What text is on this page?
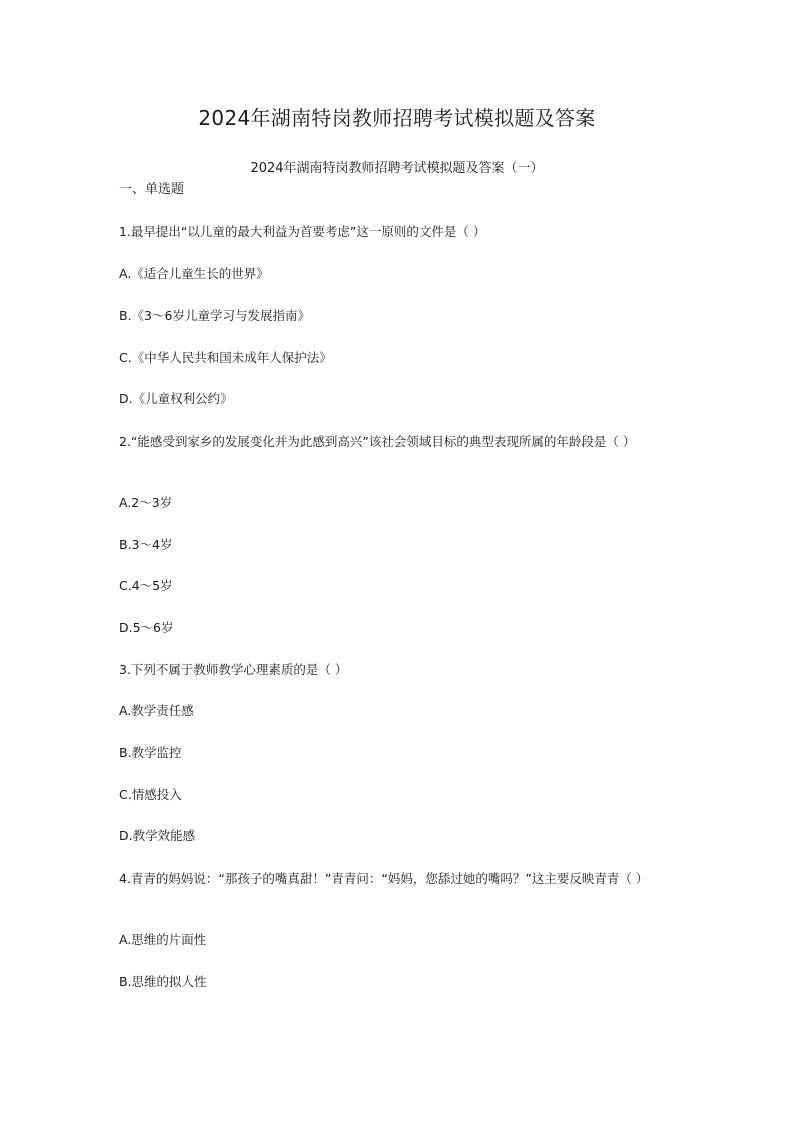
2024年湖南特岗教师招聘考试模拟题及答案
2024年湖南特岗教师招聘考试模拟题及答案（一）
一、单选题
1.最早提出“以儿童的最大利益为首要考虑”这一原则的文件是（ ）
A.《适合儿童生长的世界》
B.《3～6岁儿童学习与发展指南》
C.《中华人民共和国未成年人保护法》
D.《儿童权利公约》
2.“能感受到家乡的发展变化并为此感到高兴”该社会领域目标的典型表现所属的年龄段是（ ）
A.2～3岁
B.3～4岁
C.4～5岁
D.5～6岁
3.下列不属于教师教学心理素质的是（ ）
A.教学责任感
B.教学监控
C.情感投入
D.教学效能感
4.青青的妈妈说：“那孩子的嘴真甜！”青青问：“妈妈，您舔过她的嘴吗？”这主要反映青青（ ）
A.思维的片面性
B.思维的拟人性
